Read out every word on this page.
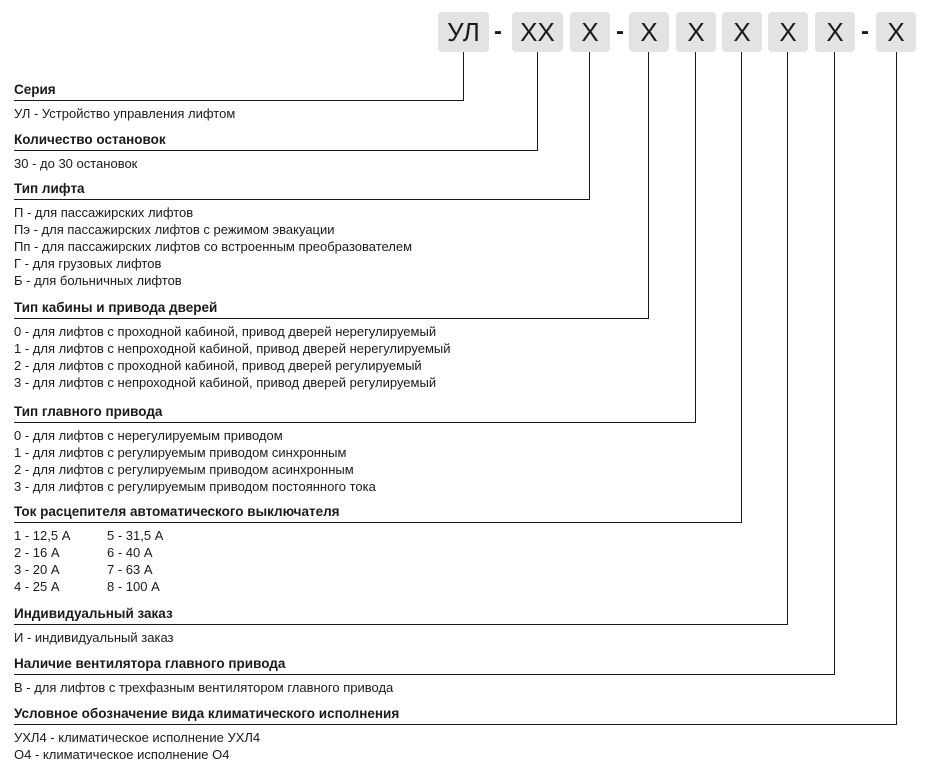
УЛ - XX	X - X	X	X	X	X - X
Серия
УЛ - Устройство управления лифтом
Количество остановок
30 - до 30 остановок
Тип лифта
П - для пассажирских лифтов
Пэ - для пассажирских лифтов с режимом эвакуации
Пп - для пассажирских лифтов со встроенным преобразователем
Г - для грузовых лифтов
Б - для больничных лифтов
Тип кабины и привода дверей
0 - для лифтов с проходной кабиной, привод дверей нерегулируемый
1 - для лифтов с непроходной кабиной, привод дверей нерегулируемый
2 - для лифтов с проходной кабиной, привод дверей регулируемый
3 - для лифтов с непроходной кабиной, привод дверей регулируемый
Тип главного привода
0 - для лифтов с нерегулируемым приводом
1 - для лифтов с регулируемым приводом синхронным
2 - для лифтов с регулируемым приводом асинхронным
3 - для лифтов с регулируемым приводом постоянного тока
Ток расцепителя автоматического выключателя
1 - 12,5 А
2 - 16 А
3 - 20 А
4 - 25 А
5 - 31,5 А
6 - 40 А
7 - 63 А
8 - 100 А
Индивидуальный заказ
И - индивидуальный заказ
Наличие вентилятора главного привода
В - для лифтов с трехфазным вентилятором главного привода
Условное обозначение вида климатического исполнения
УХЛ4 - климатическое исполнение УХЛ4
О4 - климатическое исполнение О4
